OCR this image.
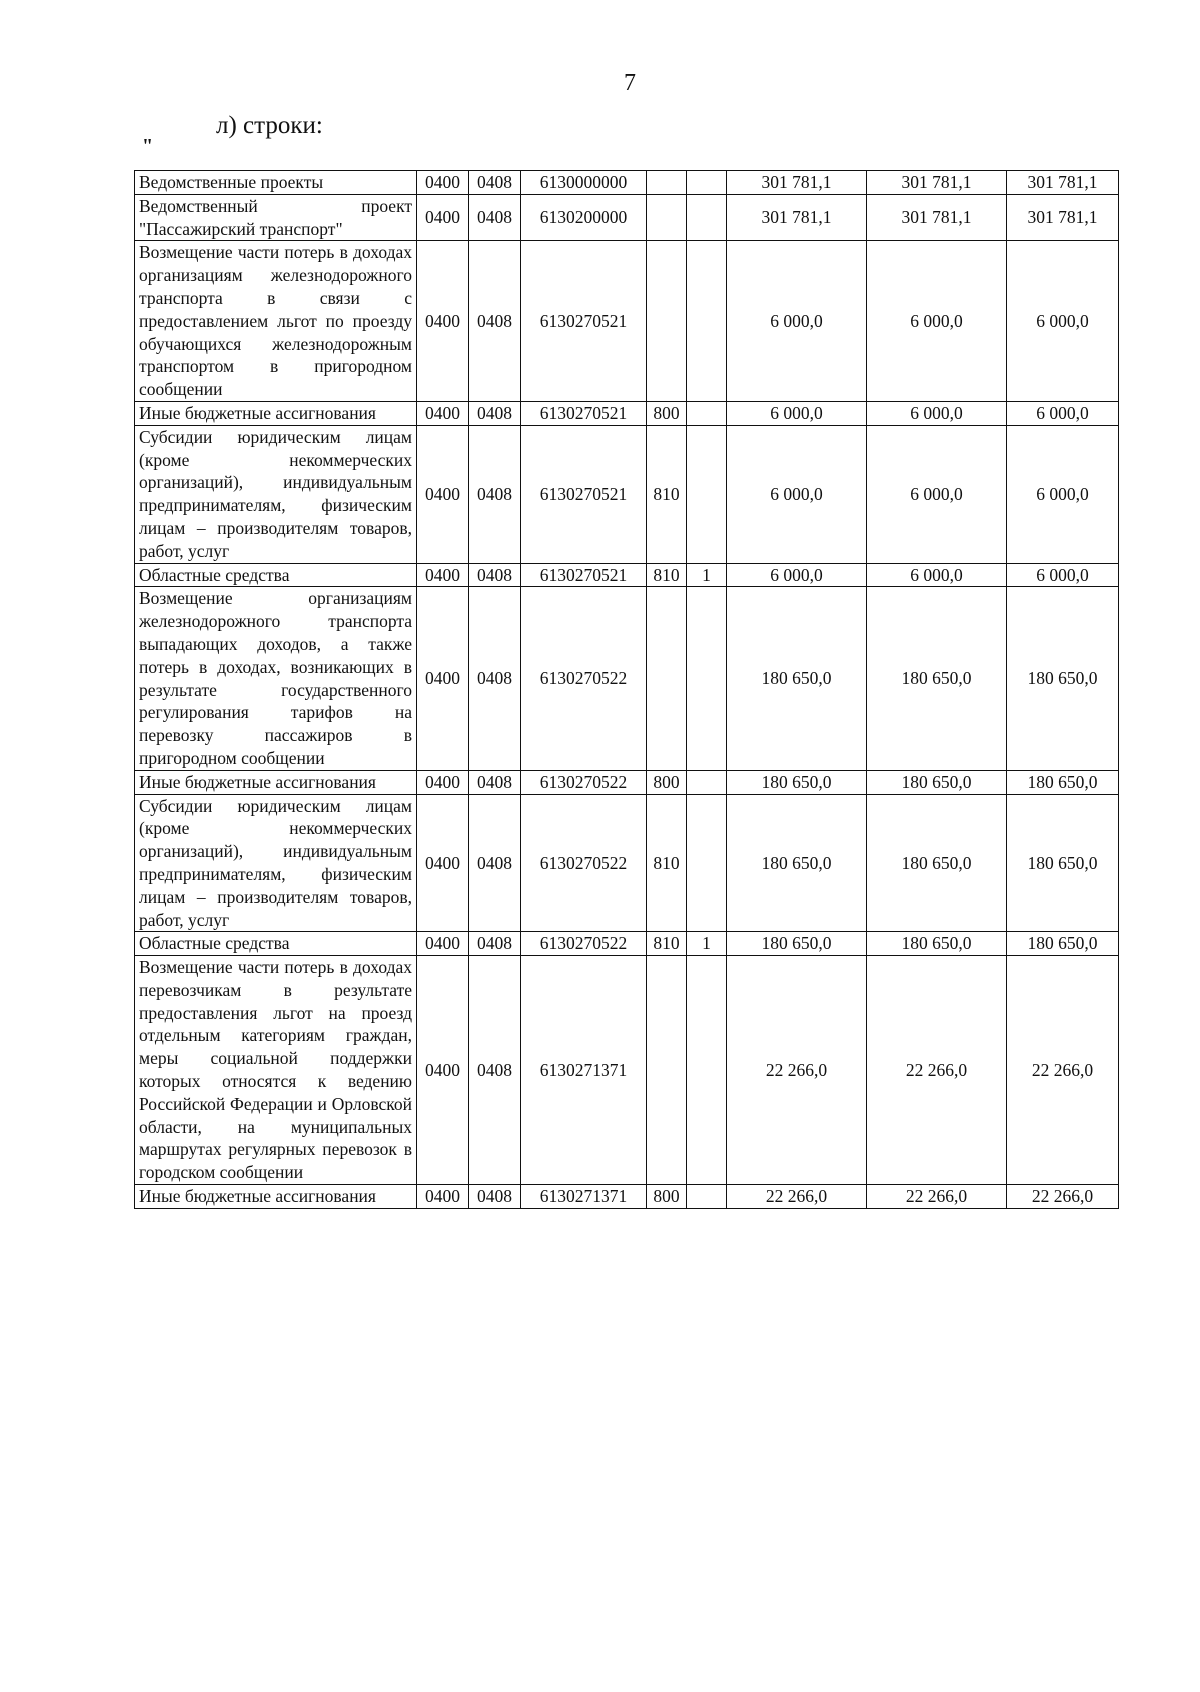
7
л) строки:
"
Ведомственные проекты	0400	0408	6130000000			301 781,1	301 781,1	301 781,1
Ведомственный проект "Пассажирский транспорт"	0400	0408	6130200000			301 781,1	301 781,1	301 781,1
Возмещение части потерь в доходах организациям железнодорожного транспорта в связи с предоставлением льгот по проезду обучающихся железнодорожным транспортом в пригородном сообщении	0400	0408	6130270521			6 000,0	6 000,0	6 000,0
Иные бюджетные ассигнования	0400	0408	6130270521	800		6 000,0	6 000,0	6 000,0
Субсидии юридическим лицам (кроме некоммерческих организаций), индивидуальным предпринимателям, физическим лицам – производителям товаров, работ, услуг	0400	0408	6130270521	810		6 000,0	6 000,0	6 000,0
Областные средства	0400	0408	6130270521	810	1	6 000,0	6 000,0	6 000,0
Возмещение организациям железнодорожного транспорта выпадающих доходов, а также потерь в доходах, возникающих в результате государственного регулирования тарифов на перевозку пассажиров в пригородном сообщении	0400	0408	6130270522			180 650,0	180 650,0	180 650,0
Иные бюджетные ассигнования	0400	0408	6130270522	800		180 650,0	180 650,0	180 650,0
Субсидии юридическим лицам (кроме некоммерческих организаций), индивидуальным предпринимателям, физическим лицам – производителям товаров, работ, услуг	0400	0408	6130270522	810		180 650,0	180 650,0	180 650,0
Областные средства	0400	0408	6130270522	810	1	180 650,0	180 650,0	180 650,0
Возмещение части потерь в доходах перевозчикам в результате предоставления льгот на проезд отдельным категориям граждан, меры социальной поддержки которых относятся к ведению Российской Федерации и Орловской области, на муниципальных маршрутах регулярных перевозок в городском сообщении	0400	0408	6130271371			22 266,0	22 266,0	22 266,0
Иные бюджетные ассигнования	0400	0408	6130271371	800		22 266,0	22 266,0	22 266,0
